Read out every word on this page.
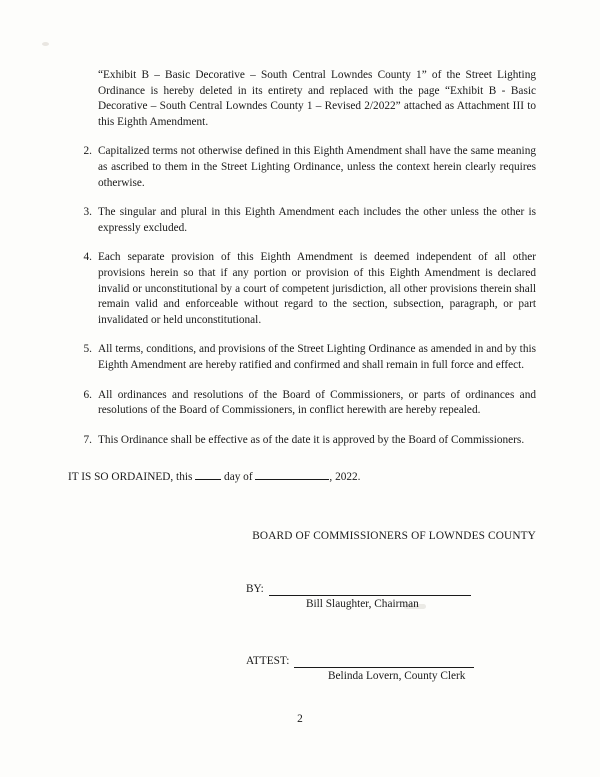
“Exhibit B – Basic Decorative – South Central Lowndes County 1” of the Street Lighting Ordinance is hereby deleted in its entirety and replaced with the page “Exhibit B - Basic Decorative – South Central Lowndes County 1 – Revised 2/2022” attached as Attachment III to this Eighth Amendment.

2. Capitalized terms not otherwise defined in this Eighth Amendment shall have the same meaning as ascribed to them in the Street Lighting Ordinance, unless the context herein clearly requires otherwise.
3. The singular and plural in this Eighth Amendment each includes the other unless the other is expressly excluded.
4. Each separate provision of this Eighth Amendment is deemed independent of all other provisions herein so that if any portion or provision of this Eighth Amendment is declared invalid or unconstitutional by a court of competent jurisdiction, all other provisions therein shall remain valid and enforceable without regard to the section, subsection, paragraph, or part invalidated or held unconstitutional.
5. All terms, conditions, and provisions of the Street Lighting Ordinance as amended in and by this Eighth Amendment are hereby ratified and confirmed and shall remain in full force and effect.
6. All ordinances and resolutions of the Board of Commissioners, or parts of ordinances and resolutions of the Board of Commissioners, in conflict herewith are hereby repealed.
7. This Ordinance shall be effective as of the date it is approved by the Board of Commissioners.

IT IS SO ORDAINED, this	day of	, 2022.

BOARD OF COMMISSIONERS OF LOWNDES COUNTY
BY:
Bill Slaughter, Chairman
ATTEST:
Belinda Lovern, County Clerk
2
